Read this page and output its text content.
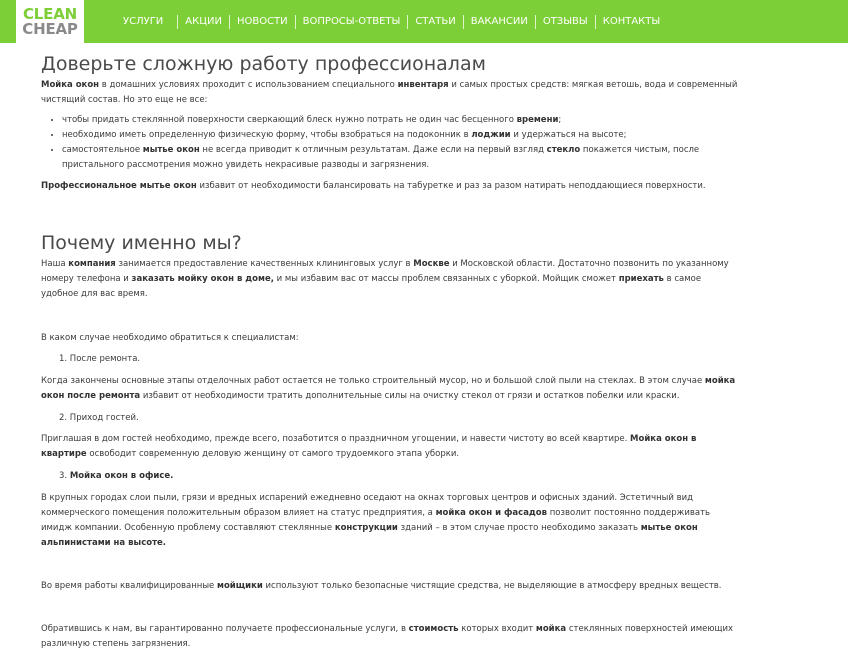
CLEAN
CHEAP	УСЛУГИ	АКЦИИ	НОВОСТИ	ВОПРОСЫ-ОТВЕТЫ	СТАТЬИ	ВАКАНСИИ	ОТЗЫВЫ	КОНТАКТЫ
Доверьте сложную работу профессионалам

Мойка окон в домашних условиях проходит с использованием специального инвентаря и самых простых средств: мягкая ветошь, вода и современный чистящий состав. Но это еще не все:

• чтобы придать стеклянной поверхности сверкающий блеск нужно потрать не один час бесценного времени;
• необходимо иметь определенную физическую форму, чтобы взобраться на подоконник в лоджии и удержаться на высоте;
• самостоятельное мытье окон не всегда приводит к отличным результатам. Даже если на первый взгляд стекло покажется чистым, после пристального рассмотрения можно увидеть некрасивые разводы и загрязнения.

Профессиональное мытье окон избавит от необходимости балансировать на табуретке и раз за разом натирать неподдающиеся поверхности.

Почему именно мы?

Наша компания занимается предоставление качественных клининговых услуг в Москве и Московской области. Достаточно позвонить по указанному номеру телефона и заказать мойку окон в доме, и мы избавим вас от массы проблем связанных с уборкой. Мойщик сможет приехать в самое удобное для вас время.

В каком случае необходимо обратиться к специалистам:

1. После ремонта.

Когда закончены основные этапы отделочных работ остается не только строительный мусор, но и большой слой пыли на стеклах. В этом случае мойка окон после ремонта избавит от необходимости тратить дополнительные силы на очистку стекол от грязи и остатков побелки или краски.

2. Приход гостей.

Приглашая в дом гостей необходимо, прежде всего, позаботится о праздничном угощении, и навести чистоту во всей квартире. Мойка окон в квартире освободит современную деловую женщину от самого трудоемкого этапа уборки.

3. Мойка окон в офисе.

В крупных городах слои пыли, грязи и вредных испарений ежедневно оседают на окнах торговых центров и офисных зданий. Эстетичный вид коммерческого помещения положительным образом влияет на статус предприятия, а мойка окон и фасадов позволит постоянно поддерживать имидж компании. Особенную проблему составляют стеклянные конструкции зданий – в этом случае просто необходимо заказать мытье окон альпинистами на высоте.

Во время работы квалифицированные мойщики используют только безопасные чистящие средства, не выделяющие в атмосферу вредных веществ.

Обратившись к нам, вы гарантированно получаете профессиональные услуги, в стоимость которых входит мойка стеклянных поверхностей имеющих различную степень загрязнения.
